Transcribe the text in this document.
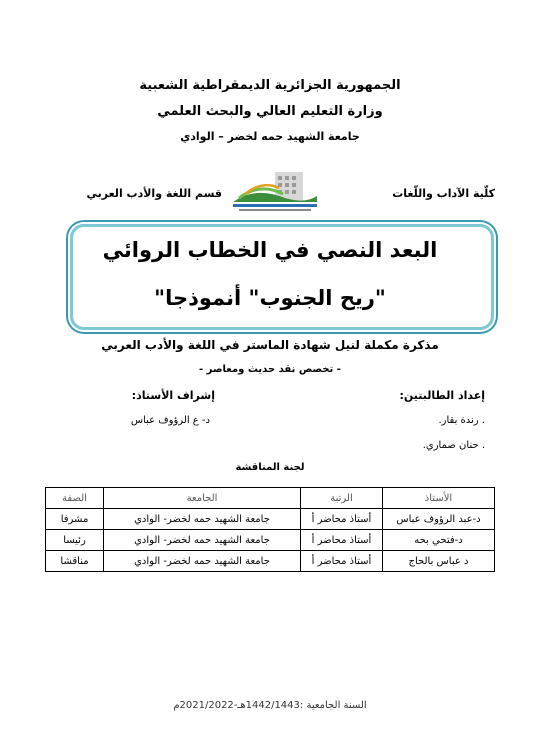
الجمهورية الجزائرية الديمقراطية الشعبية
وزارة التعليم العالي والبحث العلمي
جامعة الشهيد حمه لخضر – الوادي
كلّية الآداب واللّغات
قسم اللغة والأدب العربي
البعد النصي في الخطاب الروائي
"ريح الجنوب" أنموذجا"
مذكرة مكملة لنيل شهادة الماستر في اللغة والأدب العربي
- تخصص نقد حديث ومعاصر -
إعداد الطالبتين:
. رندة بقار.
. حنان صماري.
إشراف الأستاذ:
د- ع الرؤوف عباس
لجنة المناقشة
الأستاذ	الرتبة	الجامعة	الصفة
د-عبد الرؤوف عباس	أستاذ محاضر أ	جامعة الشهيد حمه لخضر- الوادي	مشرفا
د-فتحي بحه	أستاذ محاضر أ	جامعة الشهيد حمه لخضر- الوادي	رئيسا
د عباس بالحاج	أستاذ محاضر أ	جامعة الشهيد حمه لخضر- الوادي	مناقشا
السنة الجامعية :1442/1443هـ-2021/2022م
